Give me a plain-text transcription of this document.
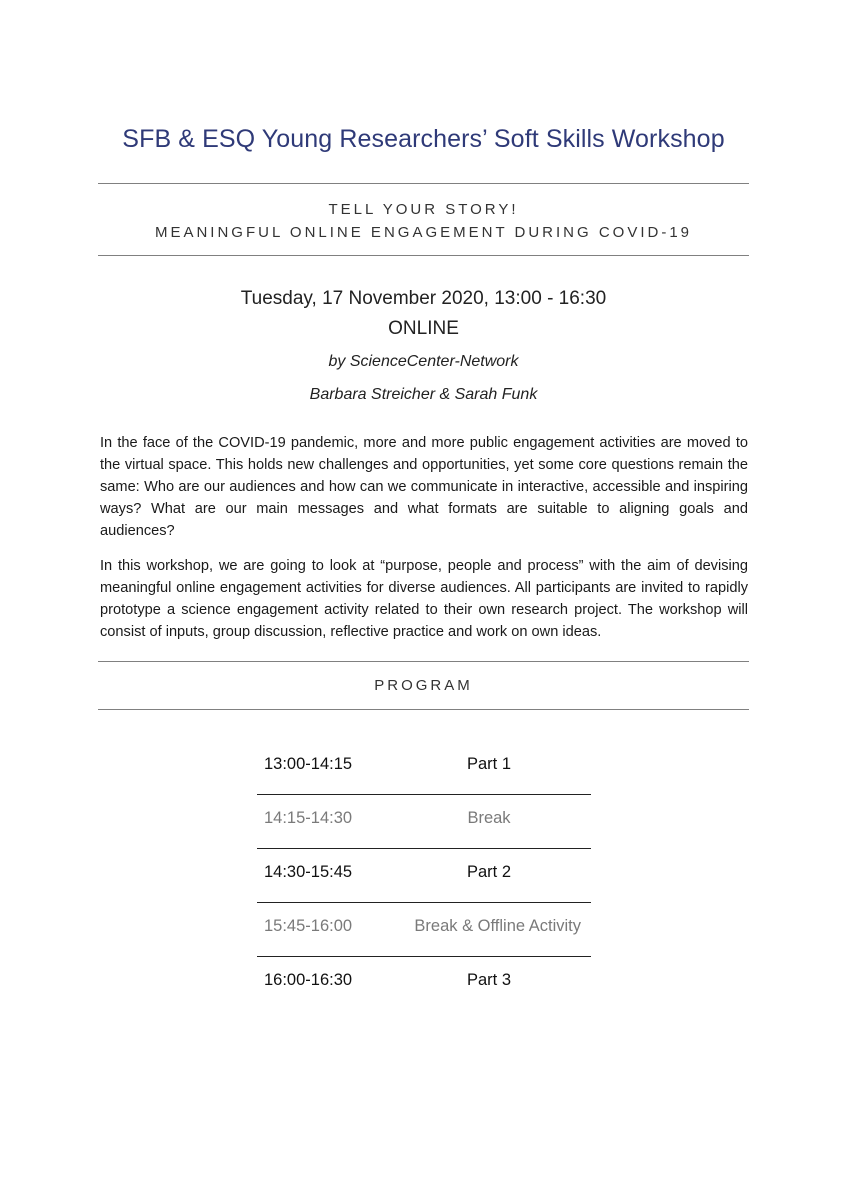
SFB & ESQ Young Researchers’ Soft Skills Workshop
TELL YOUR STORY!
MEANINGFUL ONLINE ENGAGEMENT DURING COVID-19
Tuesday, 17 November 2020, 13:00 - 16:30
ONLINE
by ScienceCenter-Network
Barbara Streicher & Sarah Funk

In the face of the COVID-19 pandemic, more and more public engagement activities are moved to the virtual space. This holds new challenges and opportunities, yet some core questions remain the same: Who are our audiences and how can we communicate in interactive, accessible and inspiring ways? What are our main messages and what formats are suitable to aligning goals and audiences?

In this workshop, we are going to look at “purpose, people and process” with the aim of devising meaningful online engagement activities for diverse audiences. All participants are invited to rapidly prototype a science engagement activity related to their own research project. The workshop will consist of inputs, group discussion, reflective practice and work on own ideas.

PROGRAM
13:00-14:15	Part 1
14:15-14:30	Break
14:30-15:45	Part 2
15:45-16:00	Break & Offline Activity
16:00-16:30	Part 3
